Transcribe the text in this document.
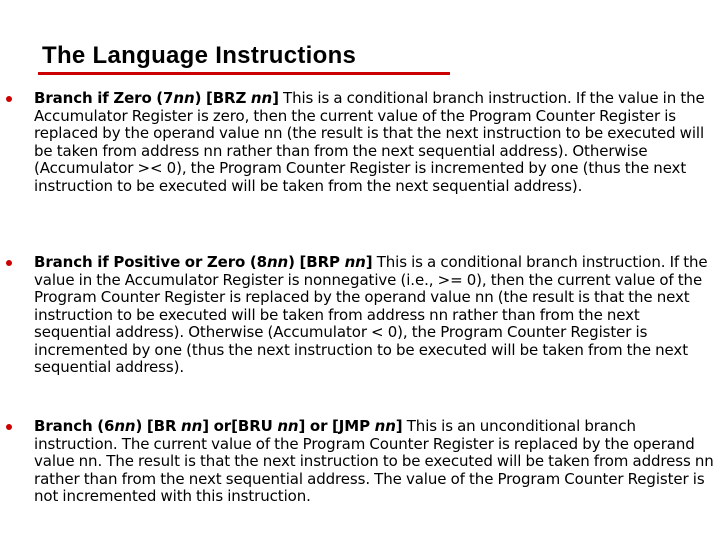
The Language Instructions
Branch if Zero (7nn) [BRZ nn] This is a conditional branch instruction. If the value in the Accumulator Register is zero, then the current value of the Program Counter Register is replaced by the operand value nn (the result is that the next instruction to be executed will be taken from address nn rather than from the next sequential address). Otherwise (Accumulator >< 0), the Program Counter Register is incremented by one (thus the next instruction to be executed will be taken from the next sequential address).
Branch if Positive or Zero (8nn) [BRP nn] This is a conditional branch instruction. If the value in the Accumulator Register is nonnegative (i.e., >= 0), then the current value of the Program Counter Register is replaced by the operand value nn (the result is that the next instruction to be executed will be taken from address nn rather than from the next sequential address). Otherwise (Accumulator < 0), the Program Counter Register is incremented by one (thus the next instruction to be executed will be taken from the next sequential address).
Branch (6nn) [BR nn] or[BRU nn] or [JMP nn] This is an unconditional branch instruction. The current value of the Program Counter Register is replaced by the operand value nn. The result is that the next instruction to be executed will be taken from address nn rather than from the next sequential address. The value of the Program Counter Register is not incremented with this instruction.
